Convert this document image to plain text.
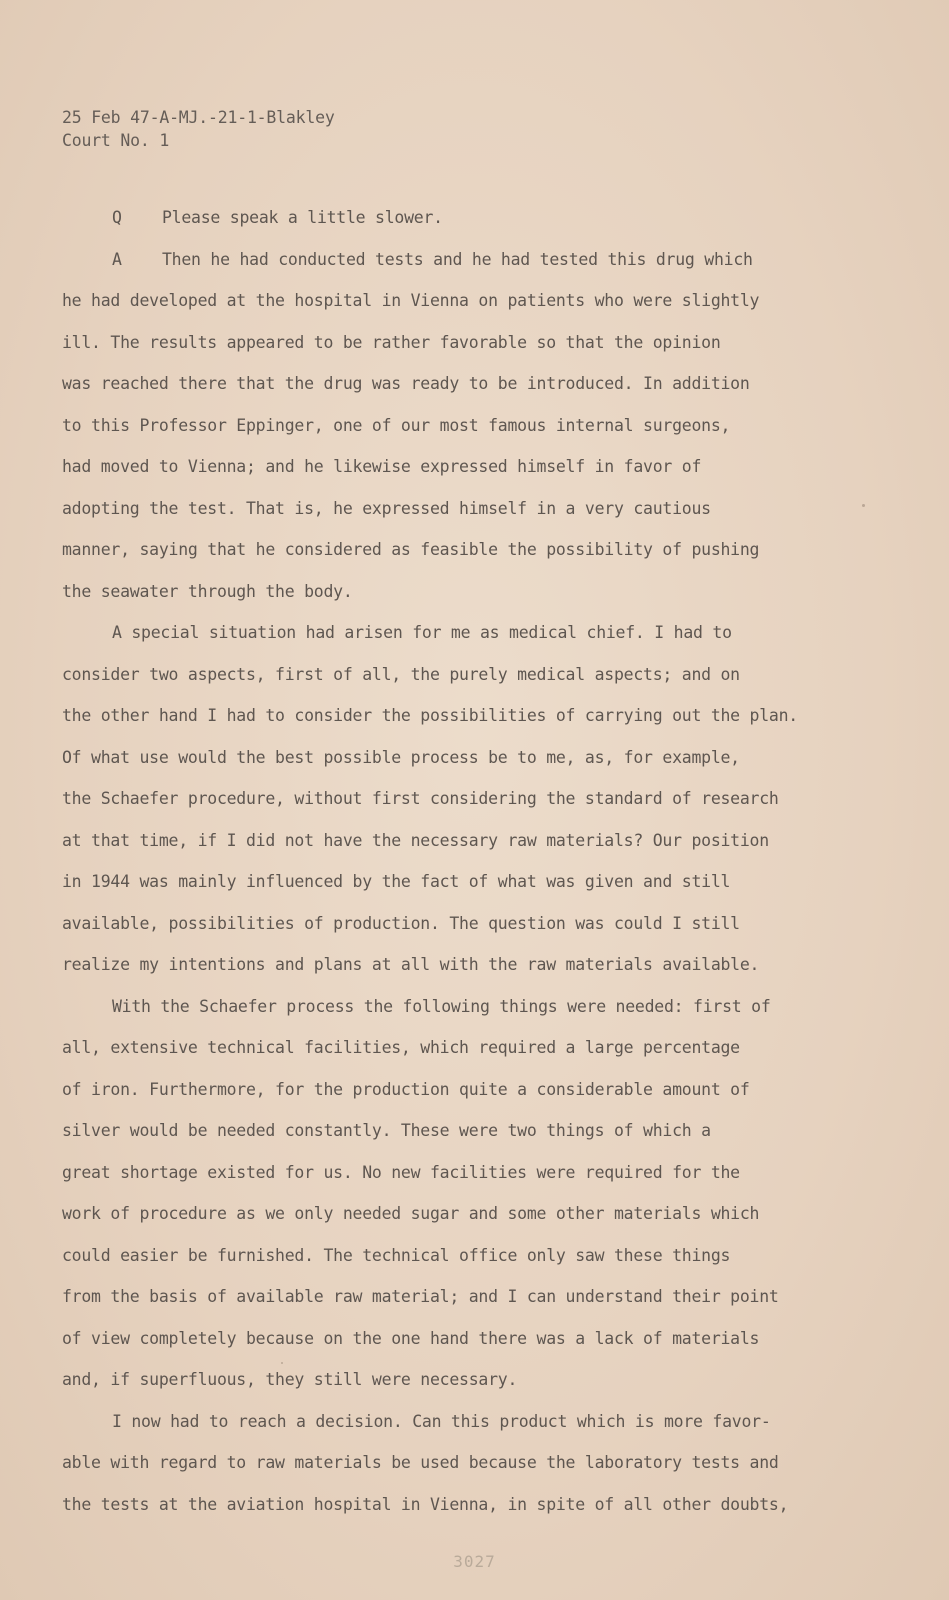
25 Feb 47-A-MJ.-21-1-Blakley
Court No. 1
Q Please speak a little slower.
A Then he had conducted tests and he had tested this drug which
he had developed at the hospital in Vienna on patients who were slightly
ill. The results appeared to be rather favorable so that the opinion
was reached there that the drug was ready to be introduced. In addition
to this Professor Eppinger, one of our most famous internal surgeons,
had moved to Vienna; and he likewise expressed himself in favor of
adopting the test. That is, he expressed himself in a very cautious
manner, saying that he considered as feasible the possibility of pushing
the seawater through the body.
A special situation had arisen for me as medical chief. I had to
consider two aspects, first of all, the purely medical aspects; and on
the other hand I had to consider the possibilities of carrying out the plan.
Of what use would the best possible process be to me, as, for example,
the Schaefer procedure, without first considering the standard of research
at that time, if I did not have the necessary raw materials? Our position
in 1944 was mainly influenced by the fact of what was given and still
available, possibilities of production. The question was could I still
realize my intentions and plans at all with the raw materials available.
With the Schaefer process the following things were needed: first of
all, extensive technical facilities, which required a large percentage
of iron. Furthermore, for the production quite a considerable amount of
silver would be needed constantly. These were two things of which a
great shortage existed for us. No new facilities were required for the
work of procedure as we only needed sugar and some other materials which
could easier be furnished. The technical office only saw these things
from the basis of available raw material; and I can understand their point
of view completely because on the one hand there was a lack of materials
and, if superfluous, they still were necessary.
I now had to reach a decision. Can this product which is more favor-
able with regard to raw materials be used because the laboratory tests and
the tests at the aviation hospital in Vienna, in spite of all other doubts,
3027
